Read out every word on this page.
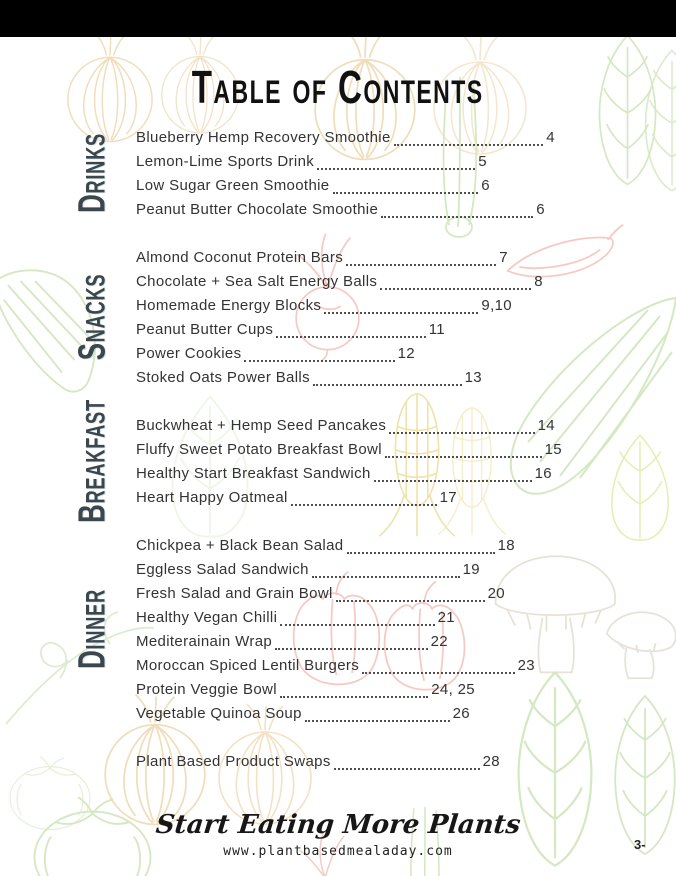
Table of Contents
Drinks Blueberry Hemp Recovery Smoothie	4
Lemon-Lime Sports Drink	5
Low Sugar Green Smoothie	6
Peanut Butter Chocolate Smoothie	6
Snacks
Almond Coconut Protein Bars	7
Chocolate + Sea Salt Energy Balls	8
Homemade Energy Blocks	9,10
Peanut Butter Cups	11
Power Cookies	12
Stoked Oats Power Balls	13
Breakfast Buckwheat + Hemp Seed Pancakes	14
Fluffy Sweet Potato Breakfast Bowl	15
Healthy Start Breakfast Sandwich	16
Heart Happy Oatmeal	17
Dinner
Chickpea + Black Bean Salad	18
Eggless Salad Sandwich	19
Fresh Salad and Grain Bowl	20
Healthy Vegan Chilli	21
Mediterainain Wrap	22
Moroccan Spiced Lentil Burgers	23
Protein Veggie Bowl	24, 25
Vegetable Quinoa Soup	26
Plant Based Product Swaps	28
Start Eating More Plants
www.plantbasedmealaday.com	3-
